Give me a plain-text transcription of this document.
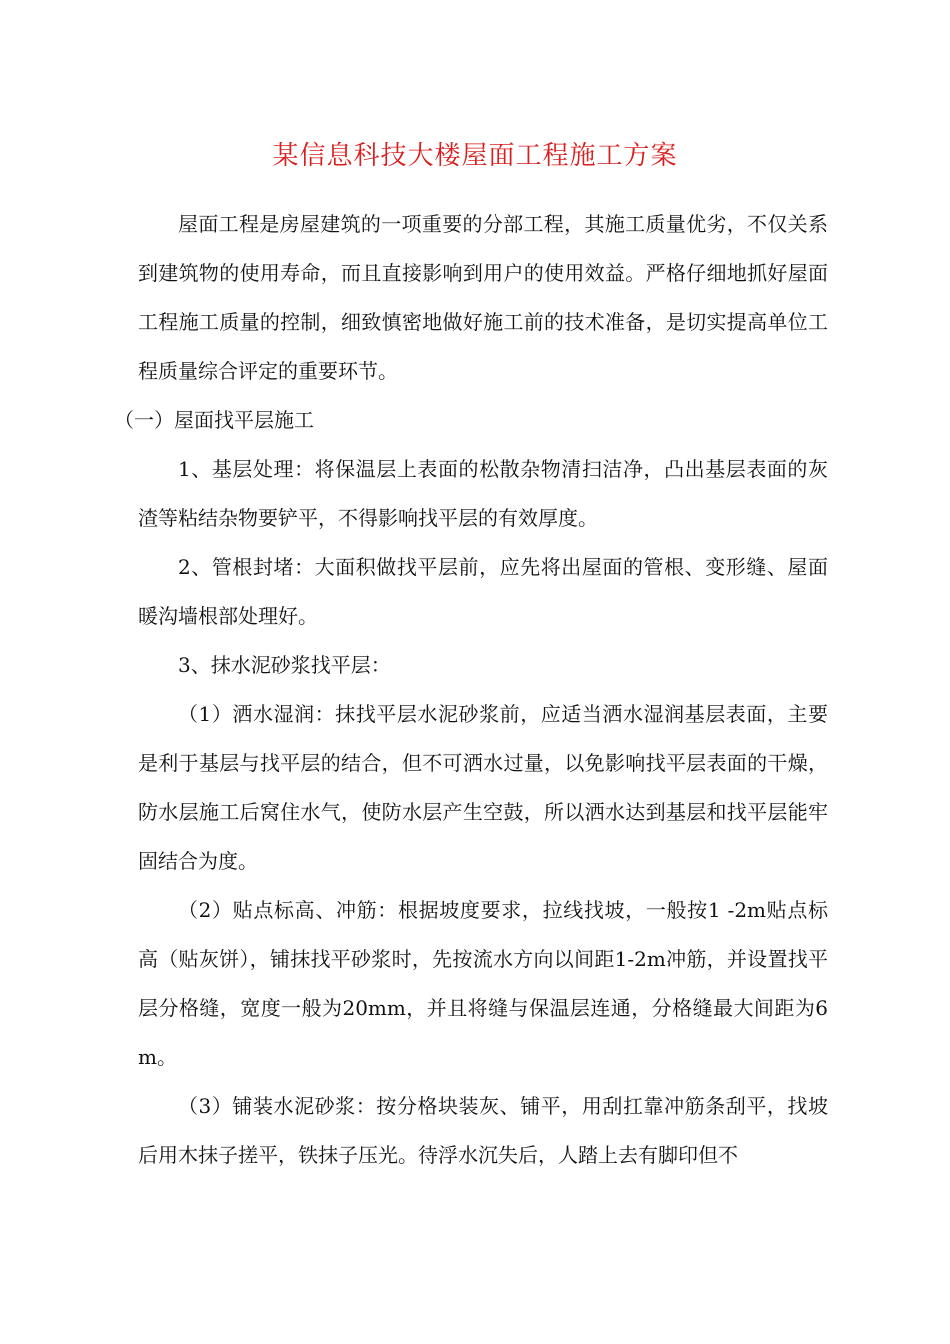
某信息科技大楼屋面工程施工方案

屋面工程是房屋建筑的一项重要的分部工程，其施工质量优劣，不仅关系到建筑物的使用寿命，而且直接影响到用户的使用效益。严格仔细地抓好屋面工程施工质量的控制，细致慎密地做好施工前的技术准备，是切实提高单位工程质量综合评定的重要环节。

（一）屋面找平层施工

1、基层处理：将保温层上表面的松散杂物清扫洁净，凸出基层表面的灰渣等粘结杂物要铲平，不得影响找平层的有效厚度。

2、管根封堵：大面积做找平层前，应先将出屋面的管根、变形缝、屋面暖沟墙根部处理好。

3、抹水泥砂浆找平层：

（1）洒水湿润：抹找平层水泥砂浆前，应适当洒水湿润基层表面，主要是利于基层与找平层的结合，但不可洒水过量，以免影响找平层表面的干燥，防水层施工后窝住水气，使防水层产生空鼓，所以洒水达到基层和找平层能牢固结合为度。

（2）贴点标高、冲筋：根据坡度要求，拉线找坡，一般按1 -2m贴点标高（贴灰饼），铺抹找平砂浆时，先按流水方向以间距1-2m冲筋，并设置找平层分格缝，宽度一般为20mm，并且将缝与保温层连通，分格缝最大间距为6m。

（3）铺装水泥砂浆：按分格块装灰、铺平，用刮扛靠冲筋条刮平，找坡后用木抹子搓平，铁抹子压光。待浮水沉失后，人踏上去有脚印但不
